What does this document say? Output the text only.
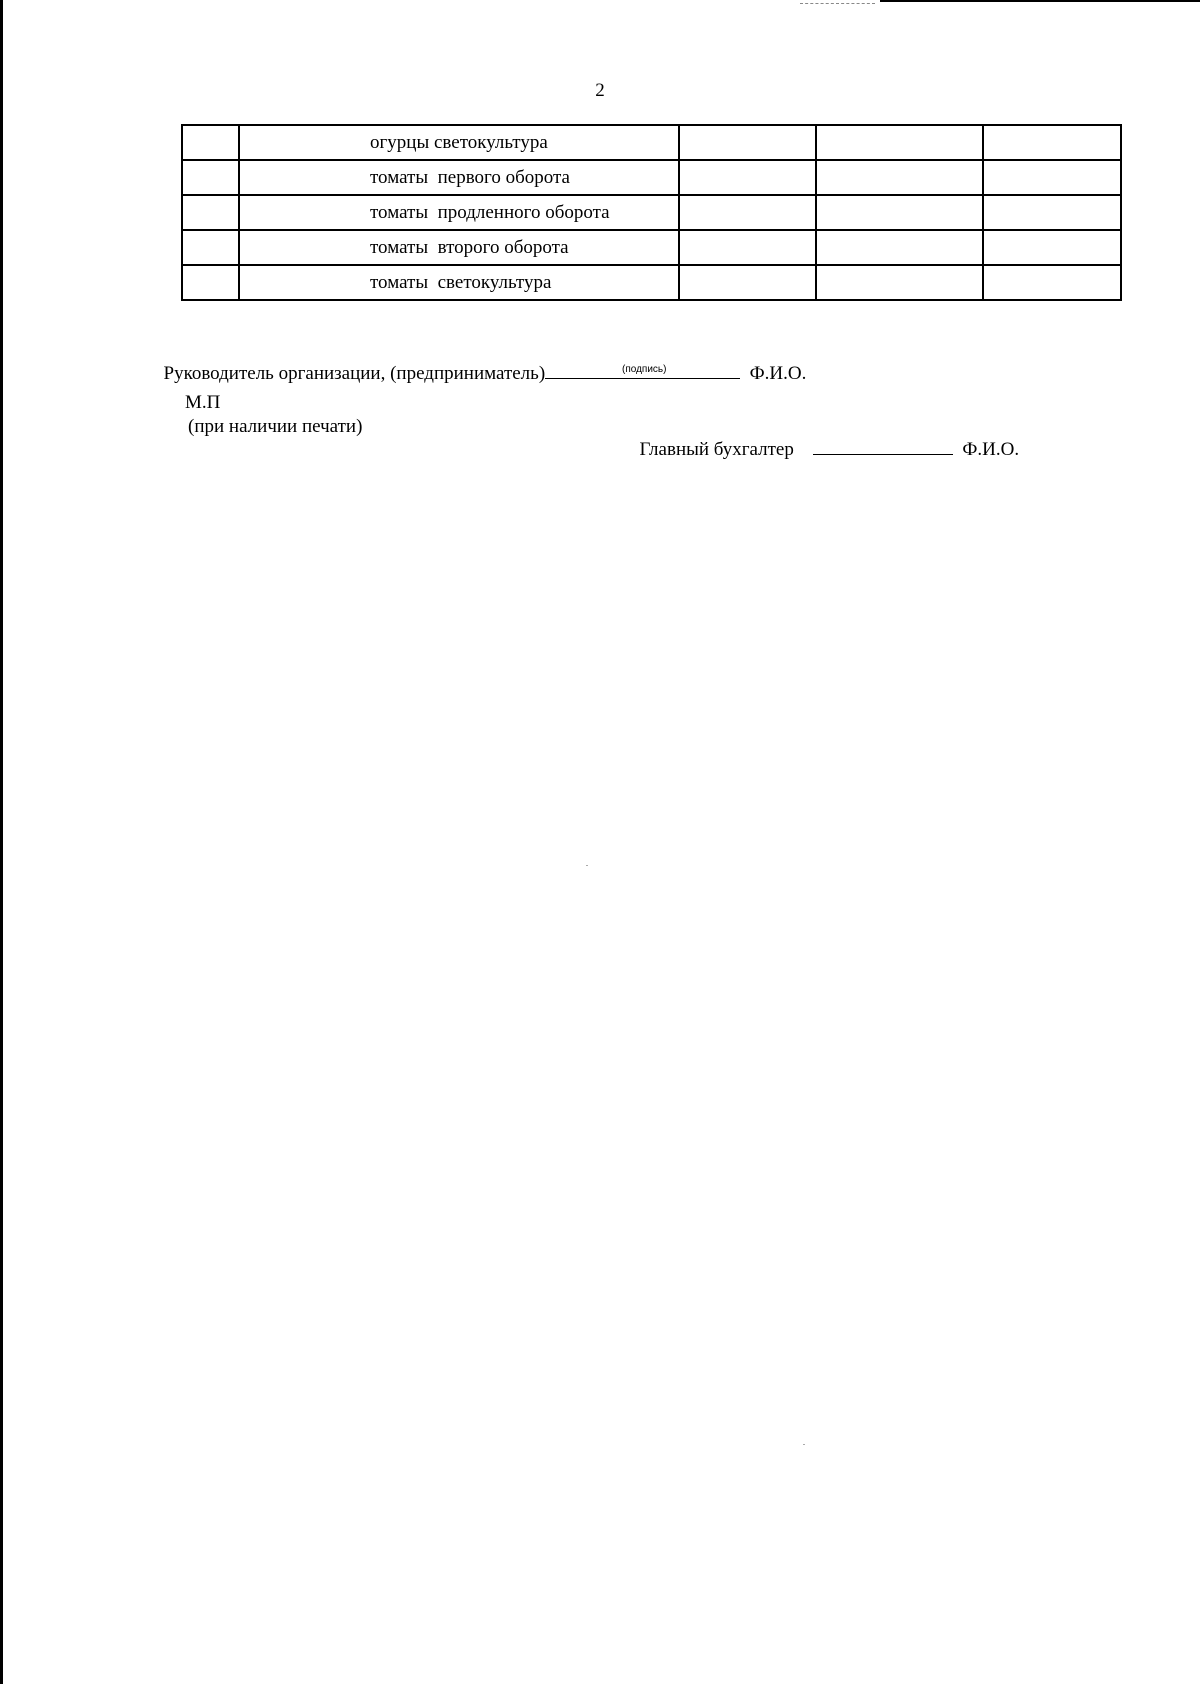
2
	огурцы светокультура			
	томаты  первого оборота			
	томаты  продленного оборота			
	томаты  второго оборота			
	томаты  светокультура			

Руководитель организации, (предприниматель)	Ф.И.О.

(подпись)
М.П
(при наличии печати)

Главный бухгалтер	Ф.И.О.
